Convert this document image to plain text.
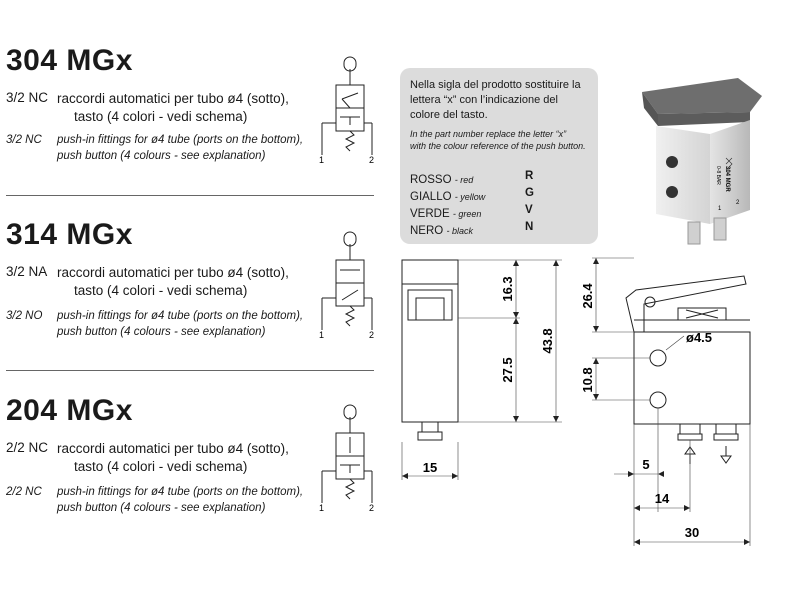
304 MGx
3/2 NC raccordi automatici per tubo ø4 (sotto),
tasto (4 colori - vedi schema)
3/2 NC push-in fittings for ø4 tube (ports on the bottom),
push button (4 colours - see explanation)	1	2
314 MGx
3/2 NA raccordi automatici per tubo ø4 (sotto),
tasto (4 colori - vedi schema)
3/2 NO push-in fittings for ø4 tube (ports on the bottom),
push button (4 colours - see explanation)	1	2
204 MGx
2/2 NC raccordi automatici per tubo ø4 (sotto),
tasto (4 colori - vedi schema)
2/2 NC push-in fittings for ø4 tube (ports on the bottom),
push button (4 colours - see explanation)	1	2
Nella sigla del prodotto sostituire la
lettera “x” con l’indicazione del
colore del tasto.
In the part number replace the letter “x”
with the colour reference of the push button.
ROSSO - red	R
GIALLO - yellow	G
VERDE - green	V
NERO - black	N
304 MGR
0-8 BAR
1
2
16.3
27.5
43.8
15
26.4
10.8
ø4.5
5
14
30
